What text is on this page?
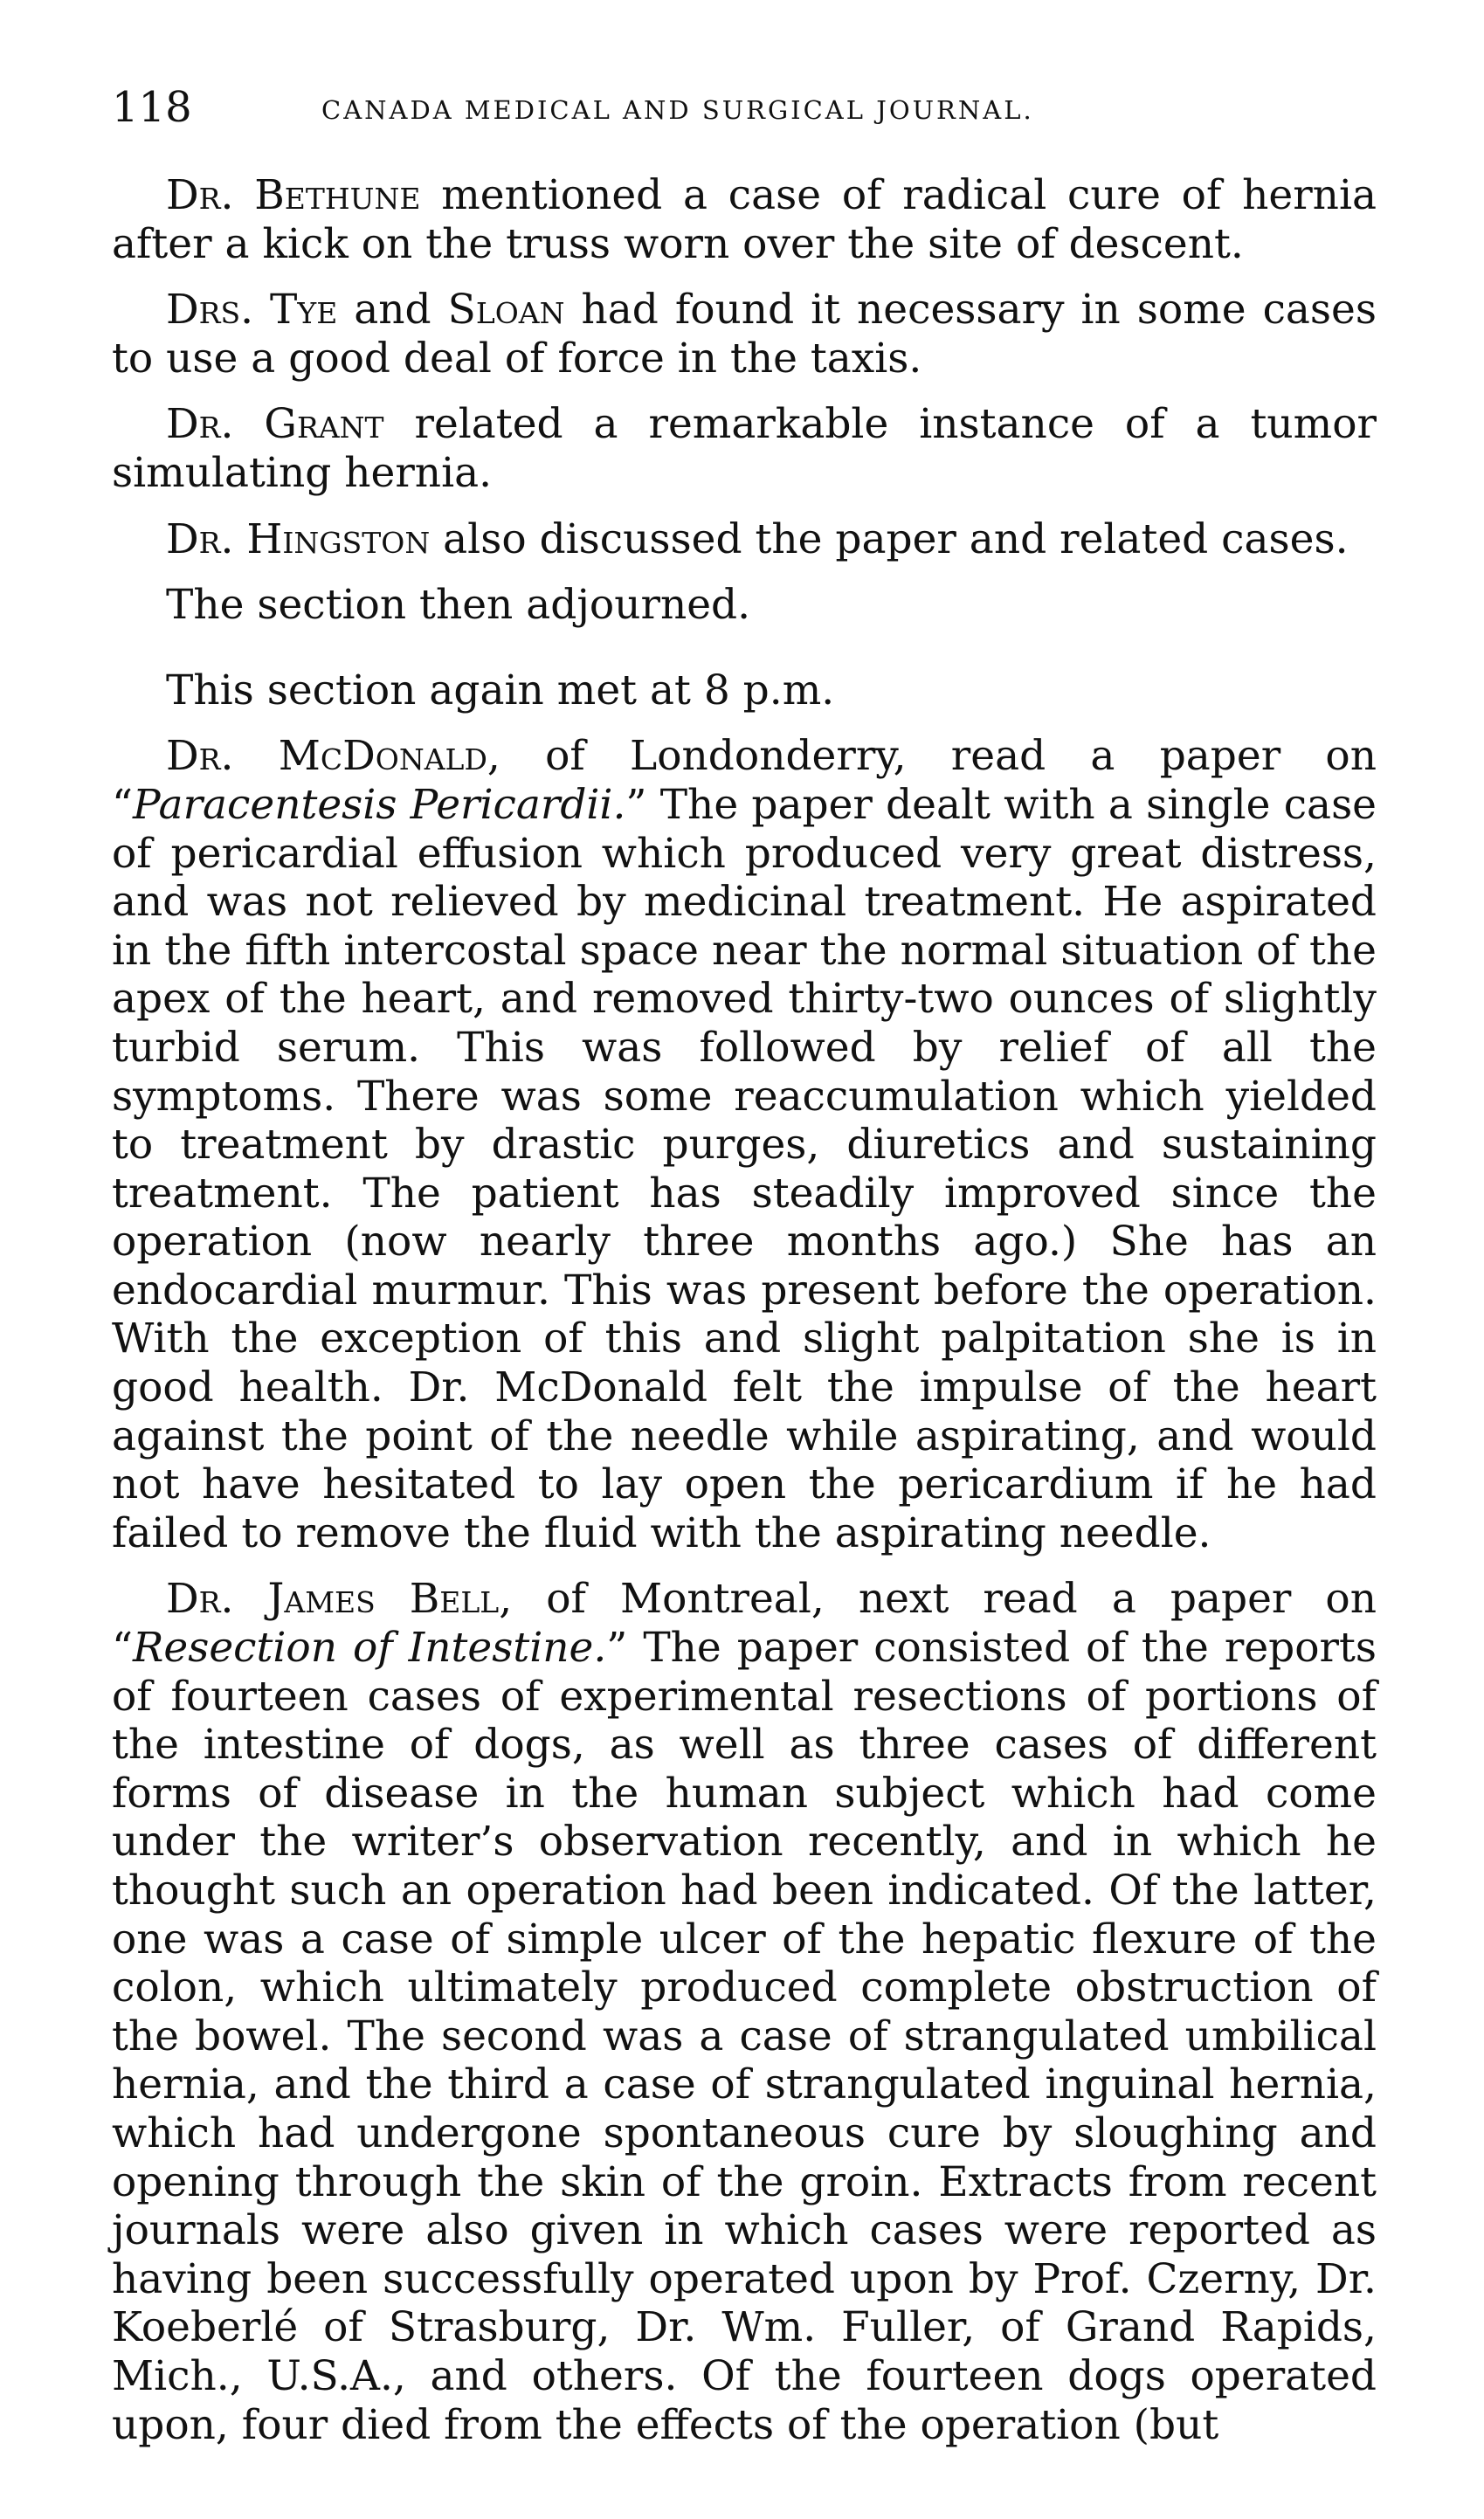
118	CANADA MEDICAL AND SURGICAL JOURNAL.

Dr. Bethune mentioned a case of radical cure of hernia after a kick on the truss worn over the site of descent.

Drs. Tye and Sloan had found it necessary in some cases to use a good deal of force in the taxis.

Dr. Grant related a remarkable instance of a tumor simulating hernia.

Dr. Hingston also discussed the paper and related cases.

The section then adjourned.

This section again met at 8 p.m.

Dr. McDonald, of Londonderry, read a paper on “Paracentesis Pericardii.” The paper dealt with a single case of pericardial effusion which produced very great distress, and was not relieved by medicinal treatment. He aspirated in the fifth intercostal space near the normal situation of the apex of the heart, and removed thirty-two ounces of slightly turbid serum. This was followed by relief of all the symptoms. There was some reaccumulation which yielded to treatment by drastic purges, diuretics and sustaining treatment. The patient has steadily improved since the operation (now nearly three months ago.) She has an endocardial murmur. This was present before the operation. With the exception of this and slight palpitation she is in good health. Dr. McDonald felt the impulse of the heart against the point of the needle while aspirating, and would not have hesitated to lay open the pericardium if he had failed to remove the fluid with the aspirating needle.

Dr. James Bell, of Montreal, next read a paper on “Resection of Intestine.” The paper consisted of the reports of fourteen cases of experimental resections of portions of the intestine of dogs, as well as three cases of different forms of disease in the human subject which had come under the writer’s observation recently, and in which he thought such an operation had been indicated. Of the latter, one was a case of simple ulcer of the hepatic flexure of the colon, which ultimately produced complete obstruction of the bowel. The second was a case of strangulated umbilical hernia, and the third a case of strangulated inguinal hernia, which had undergone spontaneous cure by sloughing and opening through the skin of the groin. Extracts from recent journals were also given in which cases were reported as having been successfully operated upon by Prof. Czerny, Dr. Koeberlé of Strasburg, Dr. Wm. Fuller, of Grand Rapids, Mich., U.S.A., and others. Of the fourteen dogs operated upon, four died from the effects of the operation (but
